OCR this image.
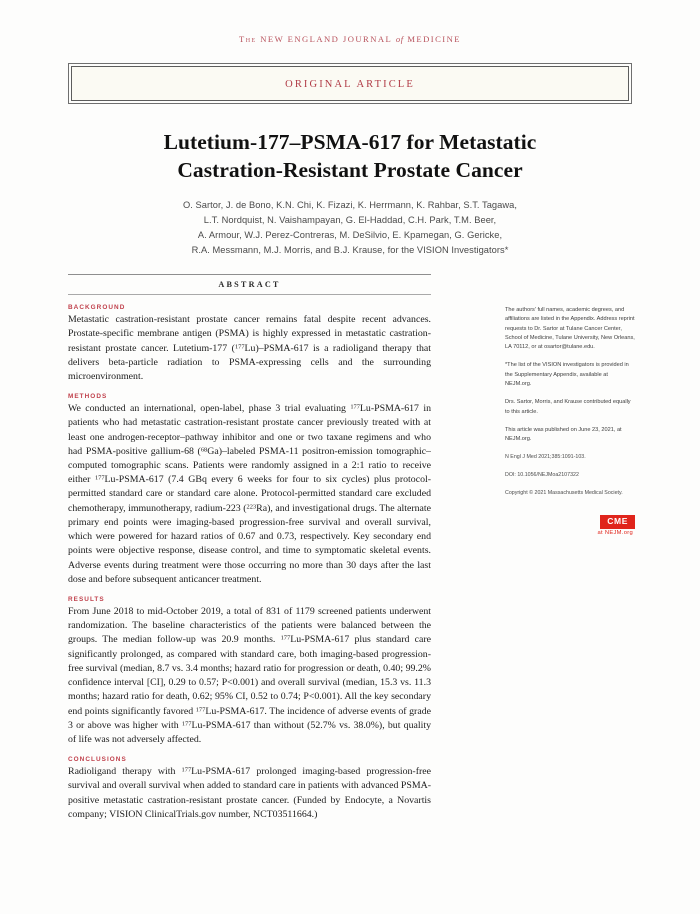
The NEW ENGLAND JOURNAL of MEDICINE
ORIGINAL ARTICLE
Lutetium-177–PSMA-617 for Metastatic
Castration-Resistant Prostate Cancer
O. Sartor, J. de Bono, K.N. Chi, K. Fizazi, K. Herrmann, K. Rahbar, S.T. Tagawa,
L.T. Nordquist, N. Vaishampayan, G. El-Haddad, C.H. Park, T.M. Beer,
A. Armour, W.J. Perez-Contreras, M. DeSilvio, E. Kpamegan, G. Gericke,
R.A. Messmann, M.J. Morris, and B.J. Krause, for the VISION Investigators*
ABSTRACT
BACKGROUND

Metastatic castration-resistant prostate cancer remains fatal despite recent advances. Prostate-specific membrane antigen (PSMA) is highly expressed in metastatic castration-resistant prostate cancer. Lutetium-177 ($^{177}$Lu)–PSMA-617 is a radioligand therapy that delivers beta-particle radiation to PSMA-expressing cells and the surrounding microenvironment.

METHODS

We conducted an international, open-label, phase 3 trial evaluating $^{177}$Lu-PSMA-617 in patients who had metastatic castration-resistant prostate cancer previously treated with at least one androgen-receptor–pathway inhibitor and one or two taxane regimens and who had PSMA-positive gallium-68 ($^{68}$Ga)–labeled PSMA-11 positron-emission tomographic–computed tomographic scans. Patients were randomly assigned in a 2:1 ratio to receive either $^{177}$Lu-PSMA-617 (7.4 GBq every 6 weeks for four to six cycles) plus protocol-permitted standard care or standard care alone. Protocol-permitted standard care excluded chemotherapy, immunotherapy, radium-223 ($^{223}$Ra), and investigational drugs. The alternate primary end points were imaging-based progression-free survival and overall survival, which were powered for hazard ratios of 0.67 and 0.73, respectively. Key secondary end points were objective response, disease control, and time to symptomatic skeletal events. Adverse events during treatment were those occurring no more than 30 days after the last dose and before subsequent anticancer treatment.

RESULTS

From June 2018 to mid-October 2019, a total of 831 of 1179 screened patients underwent randomization. The baseline characteristics of the patients were balanced between the groups. The median follow-up was 20.9 months. $^{177}$Lu-PSMA-617 plus standard care significantly prolonged, as compared with standard care, both imaging-based progression-free survival (median, 8.7 vs. 3.4 months; hazard ratio for progression or death, 0.40; 99.2% confidence interval [CI], 0.29 to 0.57; P<0.001) and overall survival (median, 15.3 vs. 11.3 months; hazard ratio for death, 0.62; 95% CI, 0.52 to 0.74; P<0.001). All the key secondary end points significantly favored $^{177}$Lu-PSMA-617. The incidence of adverse events of grade 3 or above was higher with $^{177}$Lu-PSMA-617 than without (52.7% vs. 38.0%), but quality of life was not adversely affected.

CONCLUSIONS

Radioligand therapy with $^{177}$Lu-PSMA-617 prolonged imaging-based progression-free survival and overall survival when added to standard care in patients with advanced PSMA-positive metastatic castration-resistant prostate cancer. (Funded by Endocyte, a Novartis company; VISION ClinicalTrials.gov number, NCT03511664.)

The authors' full names, academic degrees, and affiliations are listed in the Appendix. Address reprint requests to Dr. Sartor at Tulane Cancer Center, School of Medicine, Tulane University, New Orleans, LA 70112, or at osartor@tulane.edu.

*The list of the VISION investigators is provided in the Supplementary Appendix, available at NEJM.org.

Drs. Sartor, Morris, and Krause contributed equally to this article.

This article was published on June 23, 2021, at NEJM.org.

N Engl J Med 2021;385:1091-103.

DOI: 10.1056/NEJMoa2107322

Copyright © 2021 Massachusetts Medical Society.

CME
at NEJM.org
